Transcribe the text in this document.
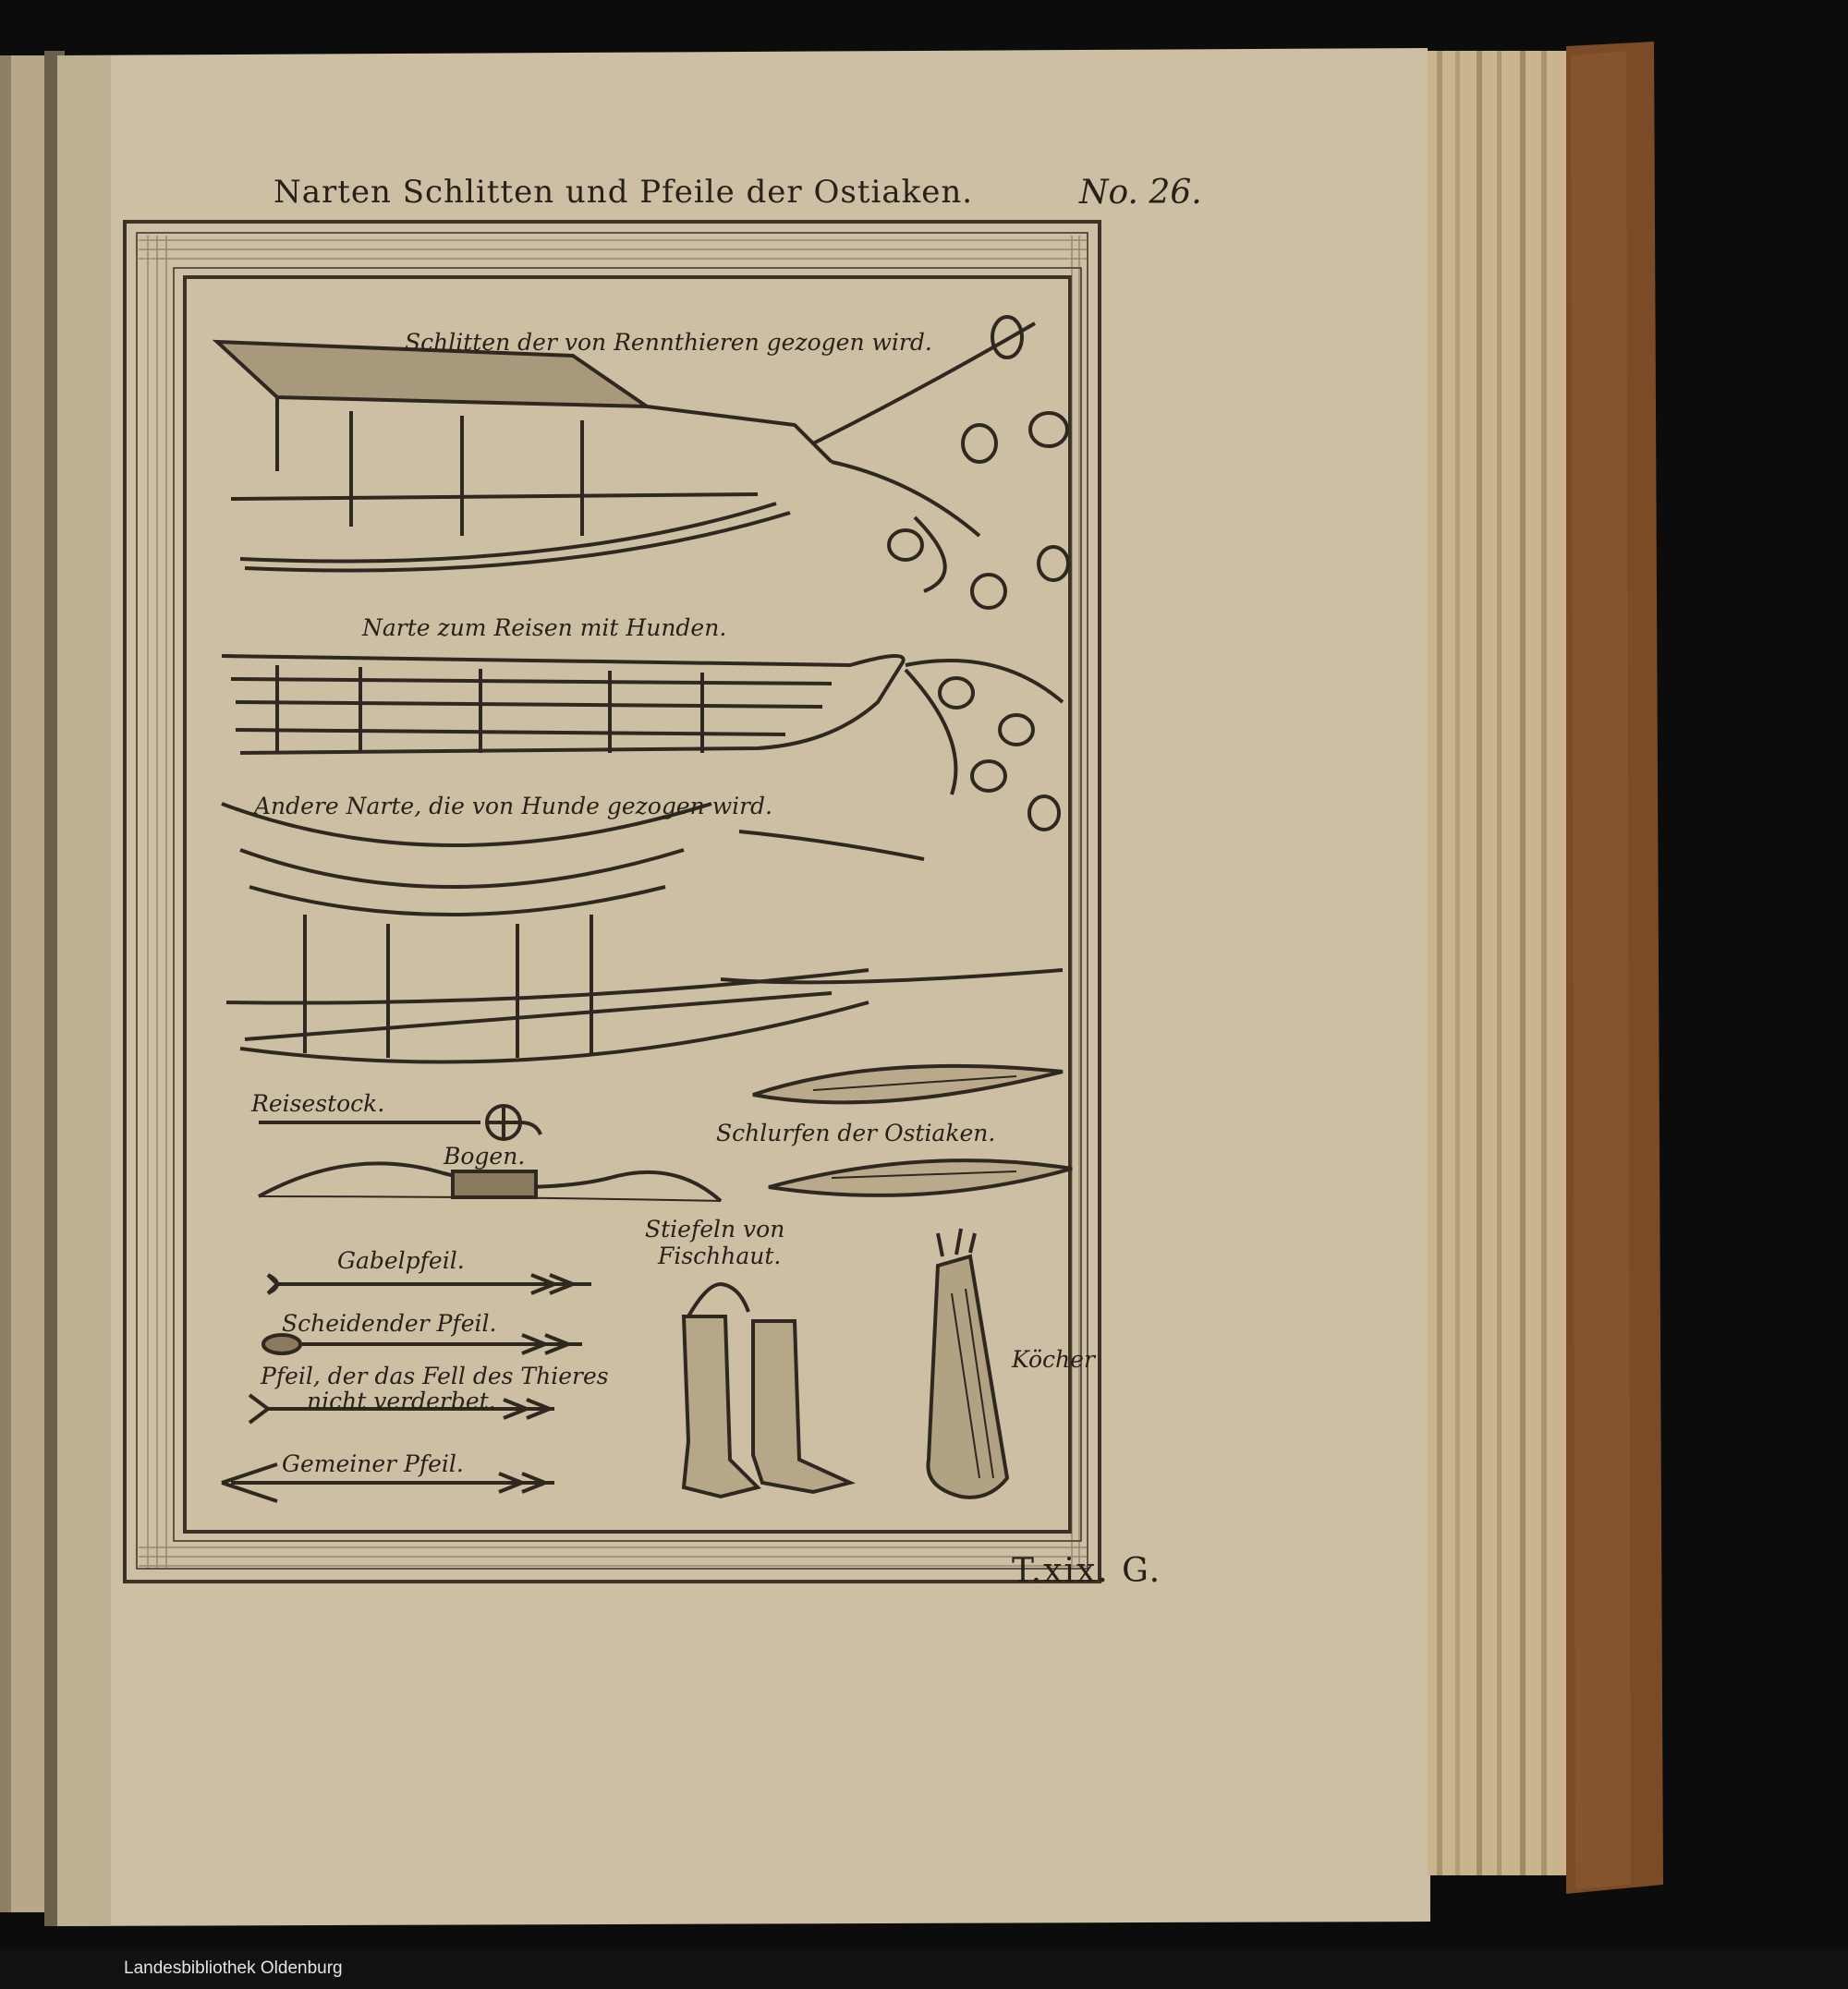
Narten Schlitten und Pfeile der Ostiaken.	No. 26.
T.xix. G.
Schlitten der von Rennthieren gezogen wird.
Narte zum Reisen mit Hunden.
Andere Narte, die von Hunde gezogen wird.
Reisestock.
Bogen.
Schlurfen der Ostiaken.
Stiefeln von
Fischhaut.
Köcher
Gabelpfeil.
Scheidender Pfeil.
Pfeil, der das Fell des Thieres
nicht verderbet.
Gemeiner Pfeil.
Landesbibliothek Oldenburg
